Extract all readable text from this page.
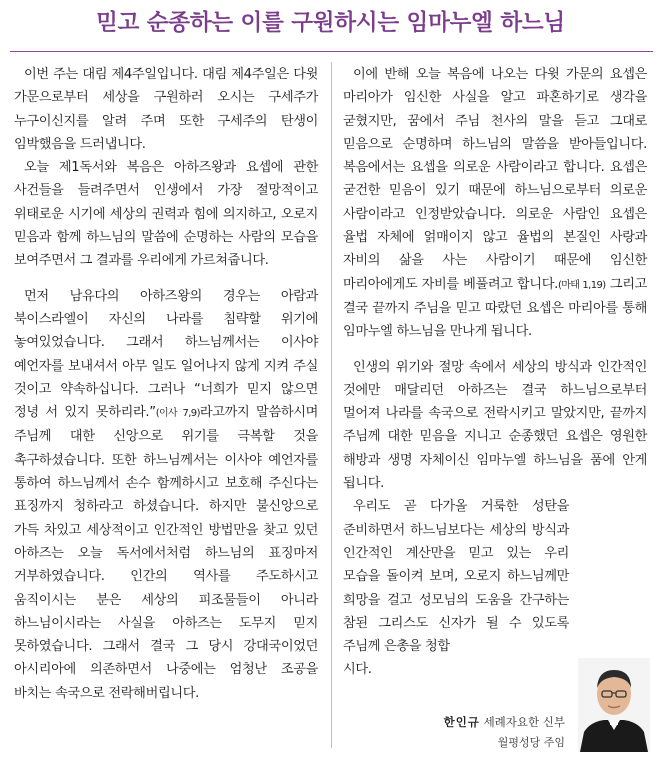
믿고 순종하는 이를 구원하시는 임마누엘 하느님

이번 주는 대림 제4주일입니다. 대림 제4주일은 다윗 가문으로부터 세상을 구원하러 오시는 구세주가 누구이신지를 알려 주며 또한 구세주의 탄생이 임박했음을 드러냅니다.

오늘 제1독서와 복음은 아하즈왕과 요셉에 관한 사건들을 들려주면서 인생에서 가장 절망적이고 위태로운 시기에 세상의 권력과 힘에 의지하고, 오로지 믿음과 함께 하느님의 말씀에 순명하는 사람의 모습을 보여주면서 그 결과를 우리에게 가르쳐줍니다.

먼저 남유다의 아하즈왕의 경우는 아람과 북이스라엘이 자신의 나라를 침략할 위기에 놓여있었습니다. 그래서 하느님께서는 이사야 예언자를 보내셔서 아무 일도 일어나지 않게 지켜 주실 것이고 약속하십니다. 그러나 “너희가 믿지 않으면 정녕 서 있지 못하리라.”(이사 7,9)라고까지 말씀하시며 주님께 대한 신앙으로 위기를 극복할 것을 촉구하셨습니다. 또한 하느님께서는 이사야 예언자를 통하여 하느님께서 손수 함께하시고 보호해 주신다는 표징까지 청하라고 하셨습니다. 하지만 불신앙으로 가득 차있고 세상적이고 인간적인 방법만을 찾고 있던 아하즈는 오늘 독서에서처럼 하느님의 표징마저 거부하였습니다. 인간의 역사를 주도하시고 움직이시는 분은 세상의 피조물들이 아니라 하느님이시라는 사실을 아하즈는 도무지 믿지 못하였습니다. 그래서 결국 그 당시 강대국이었던 아시리아에 의존하면서 나중에는 엄청난 조공을 바치는 속국으로 전락해버립니다.

이에 반해 오늘 복음에 나오는 다윗 가문의 요셉은 마리아가 임신한 사실을 알고 파혼하기로 생각을 굳혔지만, 꿈에서 주님 천사의 말을 듣고 그대로 믿음으로 순명하며 하느님의 말씀을 받아들입니다. 복음에서는 요셉을 의로운 사람이라고 합니다. 요셉은 굳건한 믿음이 있기 때문에 하느님으로부터 의로운 사람이라고 인정받았습니다. 의로운 사람인 요셉은 율법 자체에 얽매이지 않고 율법의 본질인 사랑과 자비의 삶을 사는 사람이기 때문에 임신한 마리아에게도 자비를 베풀려고 합니다.(마태 1,19) 그리고 결국 끝까지 주님을 믿고 따랐던 요셉은 마리아를 통해 임마누엘 하느님을 만나게 됩니다.

인생의 위기와 절망 속에서 세상의 방식과 인간적인 것에만 매달리던 아하즈는 결국 하느님으로부터 멀어져 나라를 속국으로 전락시키고 말았지만, 끝까지 주님께 대한 믿음을 지니고 순종했던 요셉은 영원한 해방과 생명 자체이신 임마누엘 하느님을 품에 안게 됩니다.

우리도 곧 다가올 거룩한 성탄을 준비하면서 하느님보다는 세상의 방식과 인간적인 계산만을 믿고 있는 우리 모습을 돌이켜 보며, 오로지 하느님께만 희망을 걸고 성모님의 도움을 간구하는 참된 그리스도 신자가 될 수 있도록 주님께 은총을 청합
시다.

한인규 세례자요한 신부
월평성당 주임
